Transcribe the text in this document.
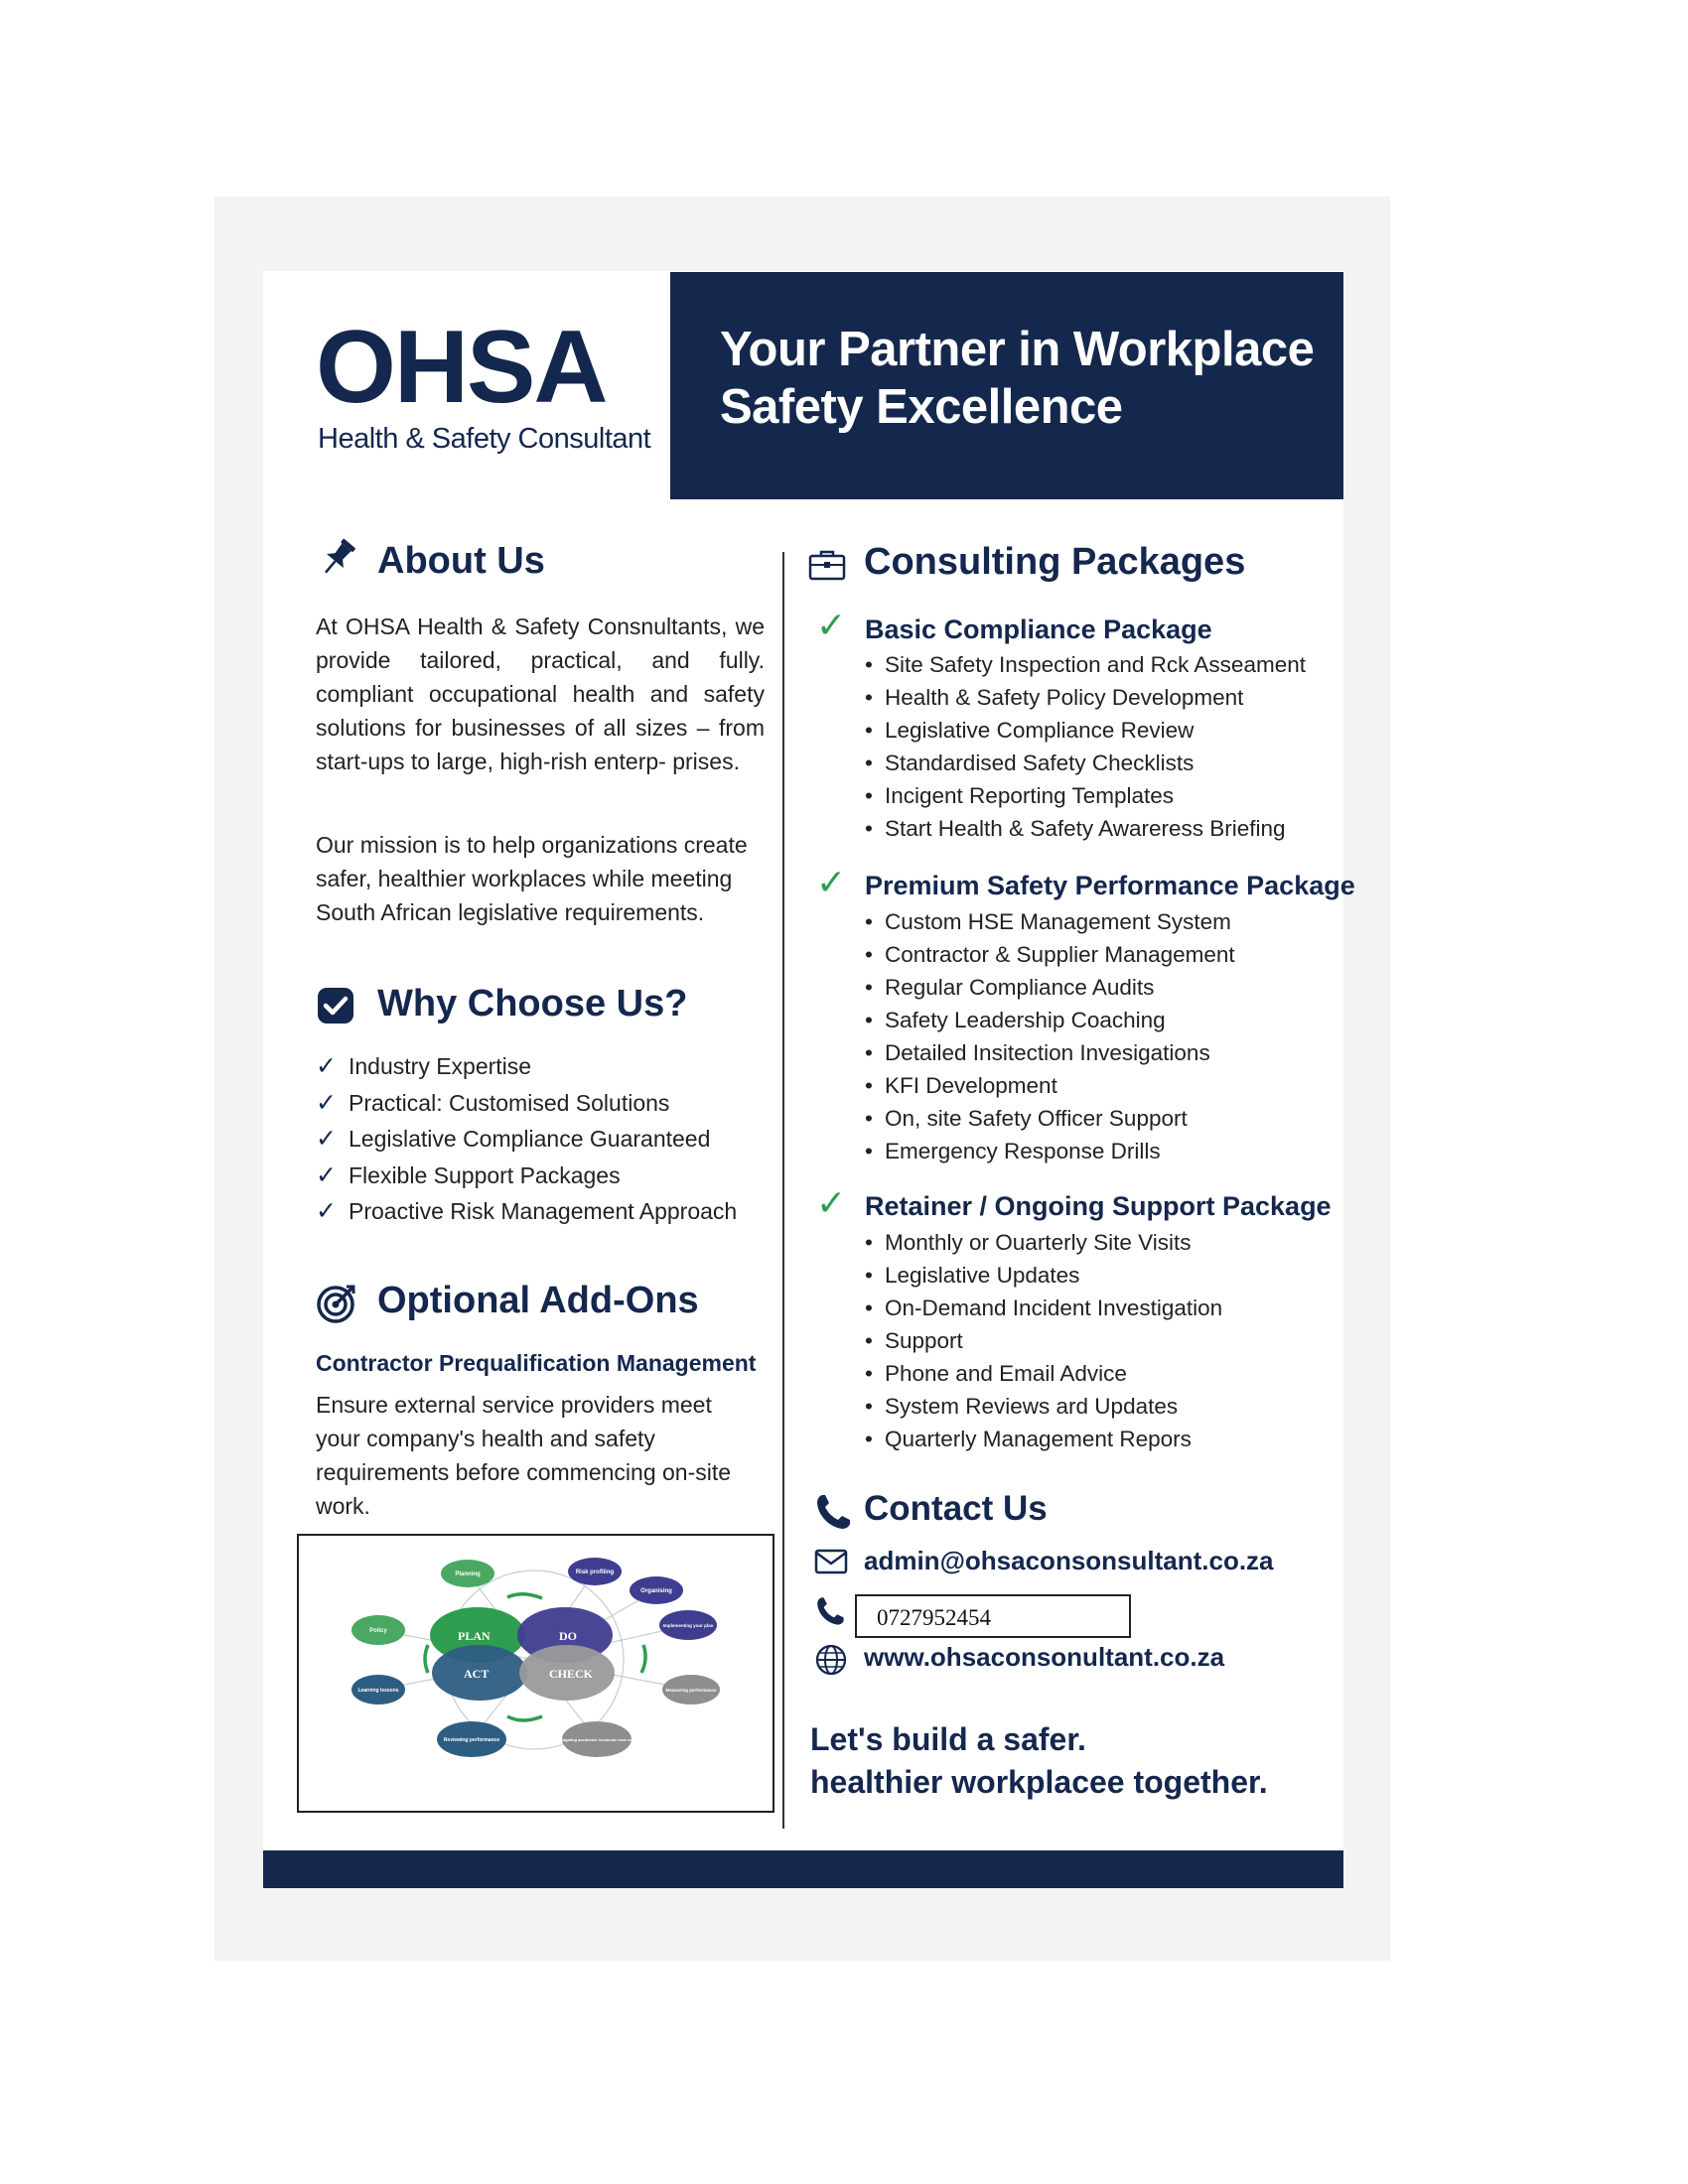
OHSA
Health & Safety Consultant
Your Partner in Workplace
Safety Excellence
About Us

At OHSA Health & Safety Consnultants, we provide tailored, practical, and fully. compliant occupational health and safety solutions for businesses of all sizes – from start-ups to large, high-rish enterp- prises.

Our mission is to help organizations create safer, healthier workplaces while meeting South African legislative requirements.

Why Choose Us?
✓ Industry Expertise
✓ Practical: Customised Solutions
✓ Legislative Compliance Guaranteed
✓ Flexible Support Packages
✓ Proactive Risk Management Approach
Optional Add-Ons
Contractor Prequalification Management

Ensure external service providers meet your company's health and safety requirements before commencing on-site work.

PLAN	DO
ACT	CHECK
Planning	Risk profiling
Organising
Implementing your plan
Measuring performance
Investigating accidents/ incidents/ near misses
Reviewing performance
Learning lessons
Policy
Consulting Packages
✓ Basic Compliance Package
• Site Safety Inspection and Rck Asseament
• Health & Safety Policy Development
• Legislative Compliance Review
• Standardised Safety Checklists
• Incigent Reporting Templates
• Start Health & Safety Awareress Briefing
✓ Premium Safety Performance Package
• Custom HSE Management System
• Contractor & Supplier Management
• Regular Compliance Audits
• Safety Leadership Coaching
• Detailed Insitection Invesigations
• KFI Development
• On, site Safety Officer Support
• Emergency Response Drills
✓ Retainer / Ongoing Support Package
• Monthly or Ouarterly Site Visits
• Legislative Updates
• On-Demand Incident Investigation
• Support
• Phone and Email Advice
• System Reviews ard Updates
• Quarterly Management Repors
Contact Us
admin@ohsaconsonsultant.co.za
0727952454
www.ohsaconsonultant.co.za
Let's build a safer.
healthier workplacee together.
